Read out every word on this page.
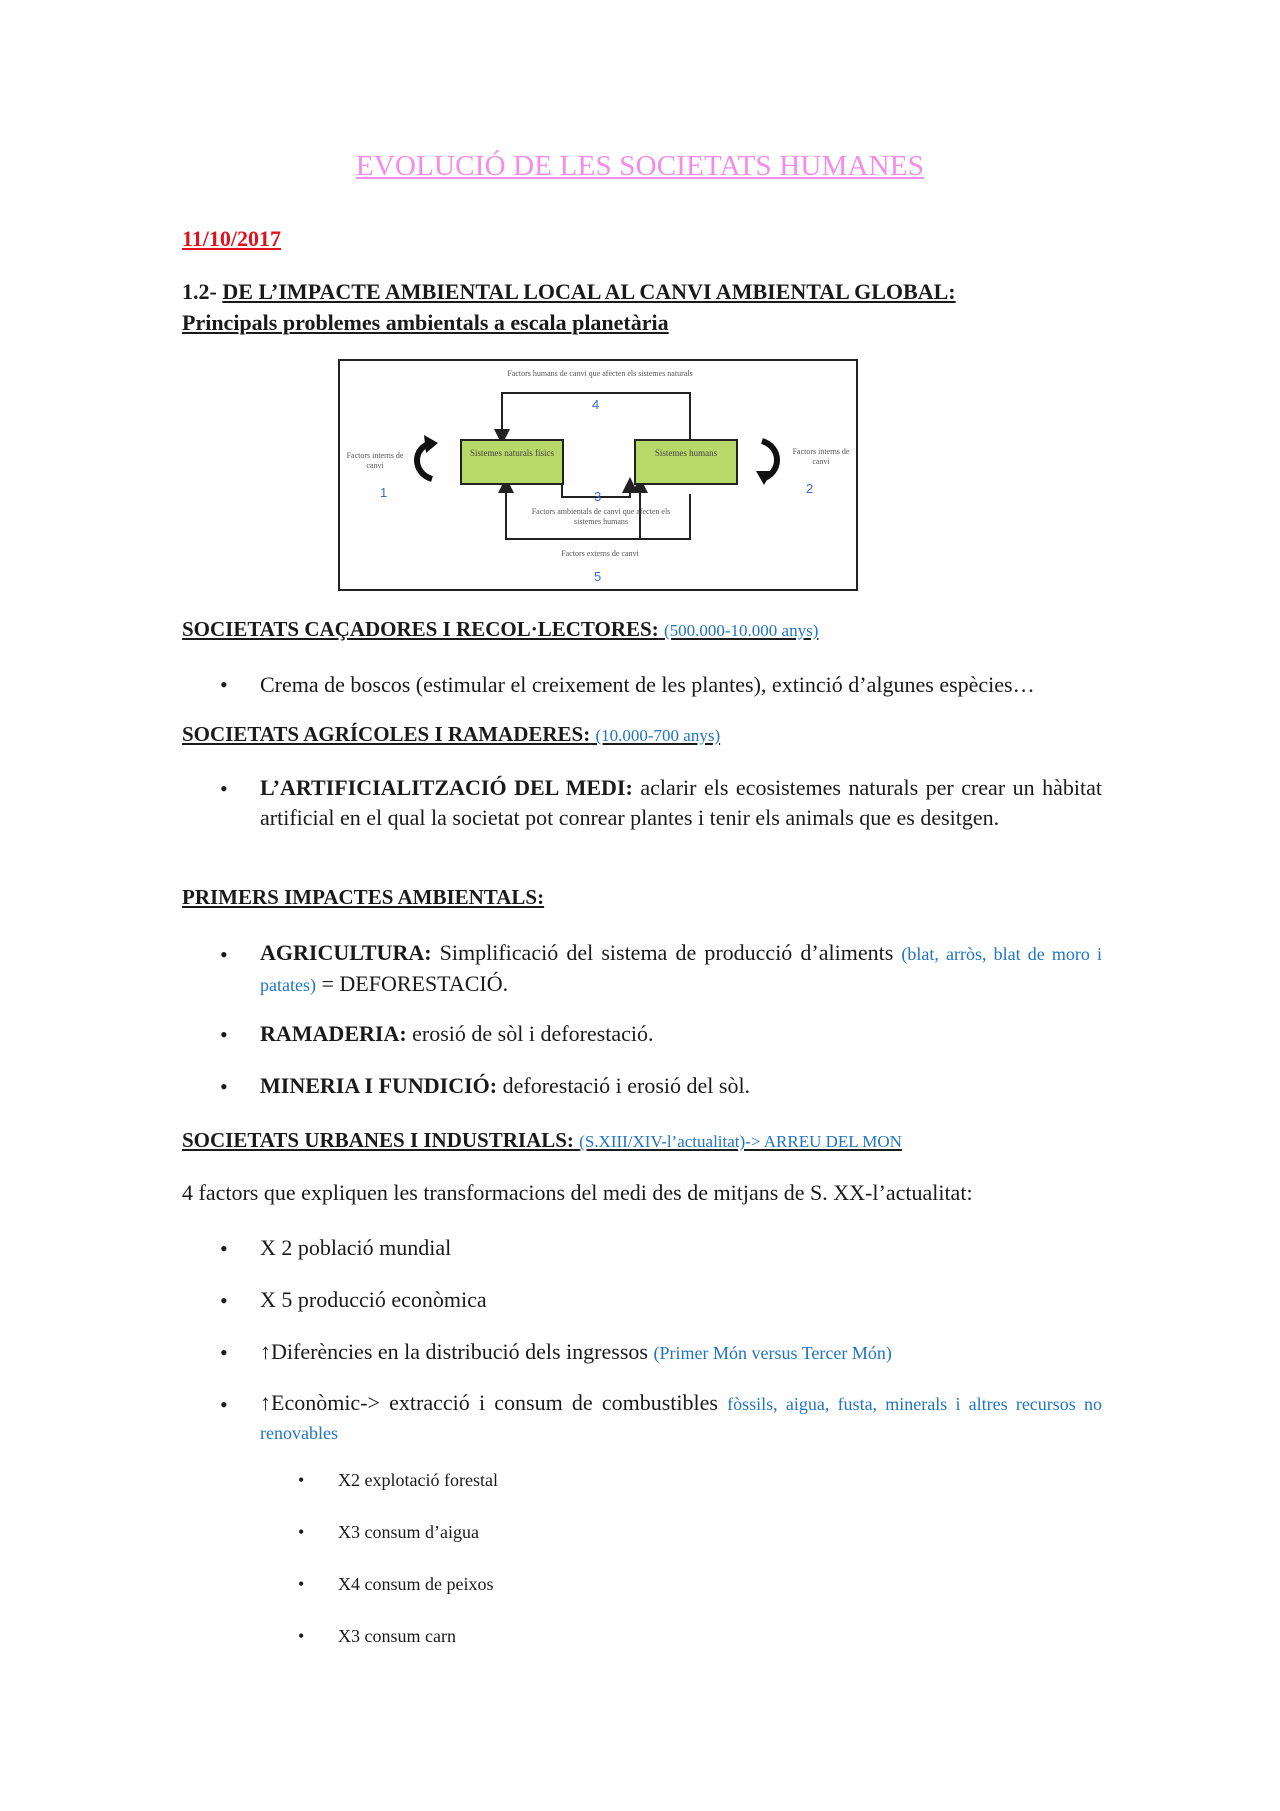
EVOLUCIÓ DE LES SOCIETATS HUMANES
11/10/2017
1.2- DE L’IMPACTE AMBIENTAL LOCAL AL CANVI AMBIENTAL GLOBAL:
Principals problemes ambientals a escala planetària
Factors humans de canvi que afecten els sistemes naturals
4
Sistemes naturals físics	Sistemes humans
Factors interns de canvi
1
Factors interns de canvi
2
3
Factors ambientals de canvi que afecten els sistemes humans
Factors externs de canvi
5
SOCIETATS CAÇADORES I RECOL·LECTORES: (500.000-10.000 anys)
• Crema de boscos (estimular el creixement de les plantes), extinció d’algunes espècies…
SOCIETATS AGRÍCOLES I RAMADERES: (10.000-700 anys)
• L’ARTIFICIALITZACIÓ DEL MEDI: aclarir els ecosistemes naturals per crear un hàbitat artificial en el qual la societat pot conrear plantes i tenir els animals que es desitgen.
PRIMERS IMPACTES AMBIENTALS:
• AGRICULTURA: Simplificació del sistema de producció d’aliments (blat, arròs, blat de moro i patates) = DEFORESTACIÓ.
• RAMADERIA: erosió de sòl i deforestació.
• MINERIA I FUNDICIÓ: deforestació i erosió del sòl.
SOCIETATS URBANES I INDUSTRIALS: (S.XIII/XIV-l’actualitat)-> ARREU DEL MON
4 factors que expliquen les transformacions del medi des de mitjans de S. XX-l’actualitat:
• X 2 població mundial
• X 5 producció econòmica
• ↑Diferències en la distribució dels ingressos (Primer Món versus Tercer Món)
• ↑Econòmic-> extracció i consum de combustibles fòssils, aigua, fusta, minerals i altres recursos no renovables
• X2 explotació forestal
• X3 consum d’aigua
• X4 consum de peixos
• X3 consum carn
